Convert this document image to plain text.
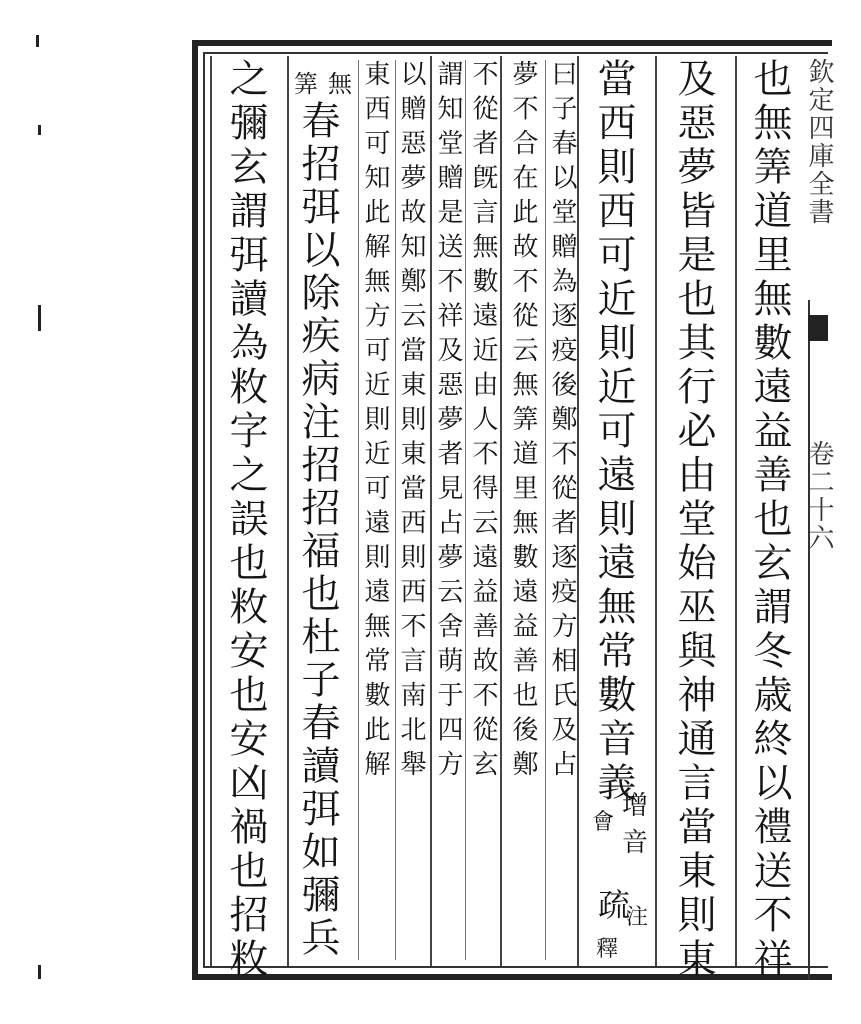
欽定四庫全書
卷二十六
也無筭道里無數遠益善也玄謂冬歳終以禮送不祥
及惡夢皆是也其行必由堂始巫與神通言當東則東
當西則西可近則近可遠則遠無常數音義
增
音
會
疏
注
釋
曰子春以堂贈為逐疫後鄭不從者逐疫方相氏及占
夢不合在此故不從云無筭道里無數遠益善也後鄭
不從者旣言無數遠近由人不得云遠益善故不從玄
謂知堂贈是送不祥及惡夢者見占夢云舍萌于四方
以贈惡夢故知鄭云當東則東當西則西不言南北舉
東西可知此解無方可近則近可遠則遠無常數此解
筭 無
春招弭以除疾病注招招福也杜子春讀弭如彌兵
之彌玄謂弭讀為敉字之誤也敉安也安凶禍也招敉
